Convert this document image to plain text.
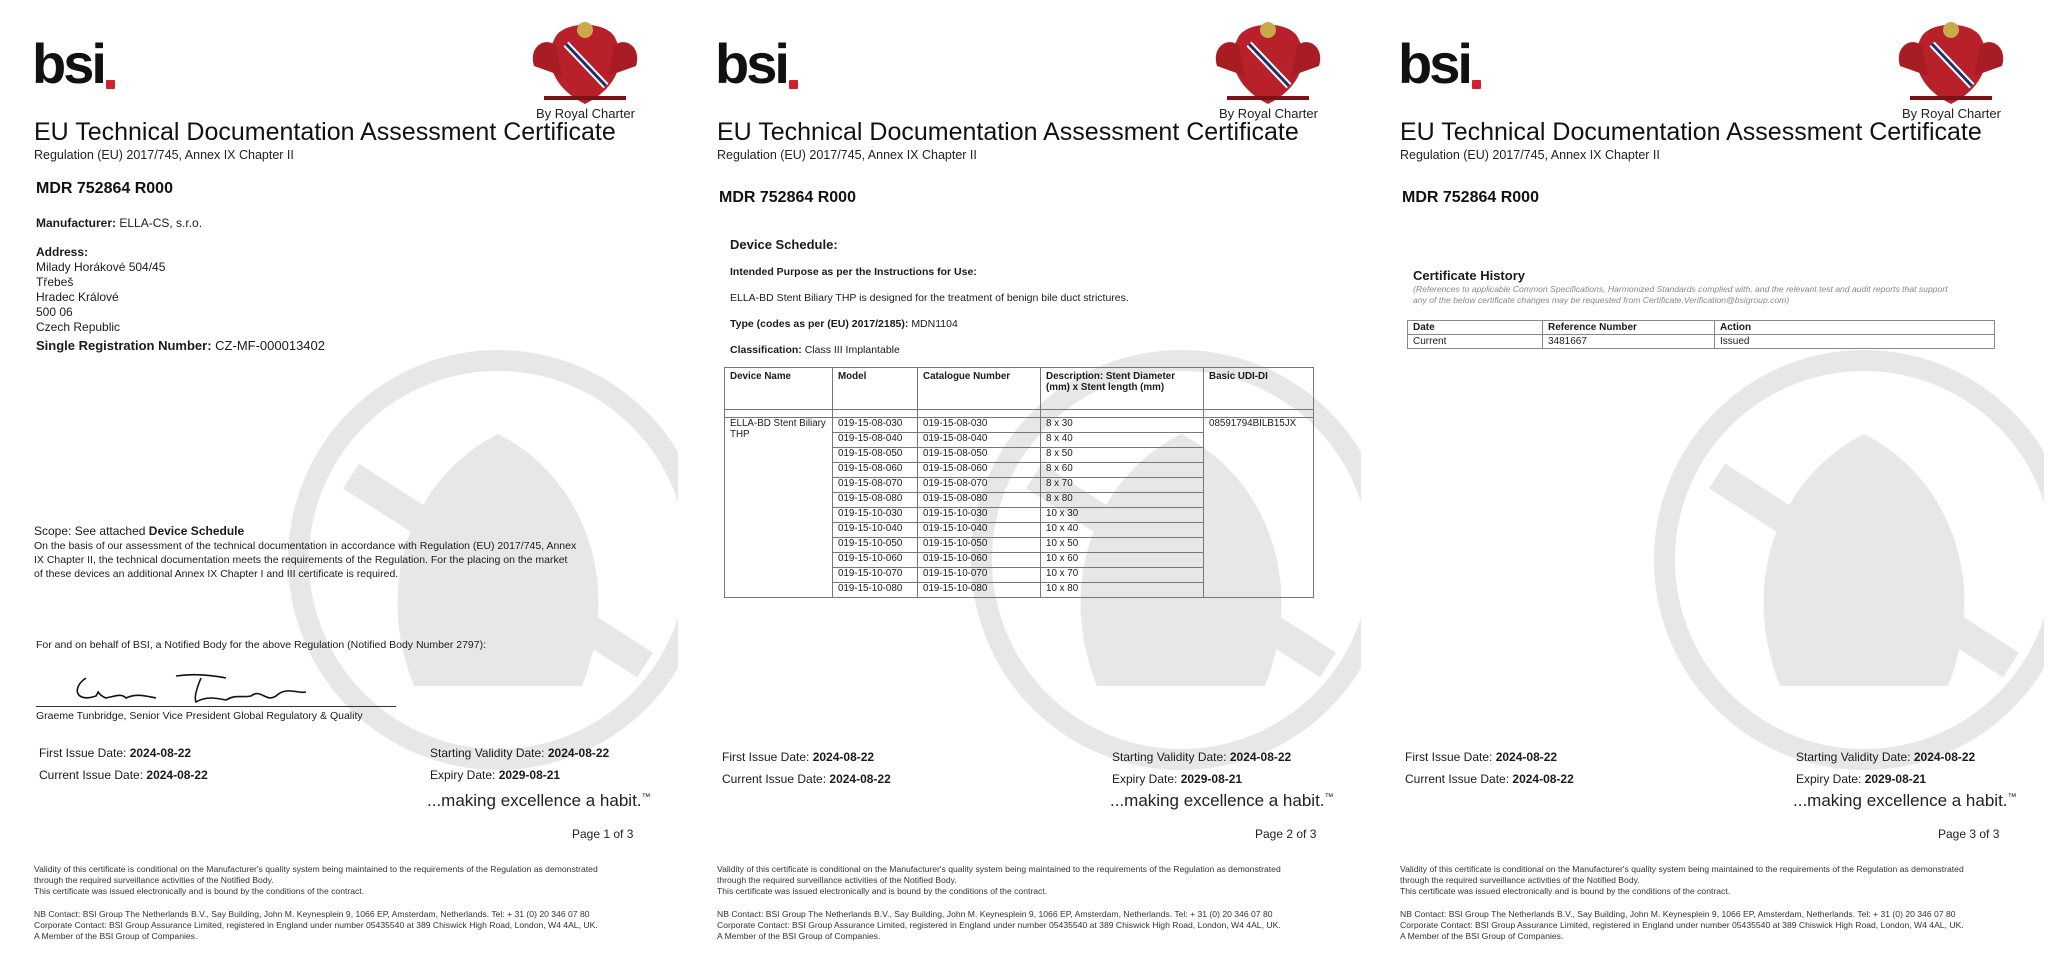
bsi
By Royal Charter
EU Technical Documentation Assessment Certificate
Regulation (EU) 2017/745, Annex IX Chapter II
MDR 752864 R000
Manufacturer: ELLA-CS, s.r.o.
Address:
Milady Horákové 504/45
Třebeš
Hradec Králové
500 06
Czech Republic
Single Registration Number: CZ-MF-000013402
Scope: See attached Device Schedule
On the basis of our assessment of the technical documentation in accordance with Regulation (EU) 2017/745, Annex
IX Chapter II, the technical documentation meets the requirements of the Regulation. For the placing on the market
of these devices an additional Annex IX Chapter I and III certificate is required.
For and on behalf of BSI, a Notified Body for the above Regulation (Notified Body Number 2797):
Graeme Tunbridge, Senior Vice President Global Regulatory & Quality
First Issue Date: 2024-08-22
Current Issue Date: 2024-08-22
Starting Validity Date: 2024-08-22
Expiry Date: 2029-08-21
...making excellence a habit.™
Page 1 of 3
Validity of this certificate is conditional on the Manufacturer's quality system being maintained to the requirements of the Regulation as demonstrated
through the required surveillance activities of the Notified Body.
This certificate was issued electronically and is bound by the conditions of the contract.
NB Contact: BSI Group The Netherlands B.V., Say Building, John M. Keynesplein 9, 1066 EP, Amsterdam, Netherlands. Tel: + 31 (0) 20 346 07 80
Corporate Contact: BSI Group Assurance Limited, registered in England under number 05435540 at 389 Chiswick High Road, London, W4 4AL, UK.
A Member of the BSI Group of Companies.
bsi
By Royal Charter
EU Technical Documentation Assessment Certificate
Regulation (EU) 2017/745, Annex IX Chapter II
MDR 752864 R000
Device Schedule:
Intended Purpose as per the Instructions for Use:
ELLA-BD Stent Biliary THP is designed for the treatment of benign bile duct strictures.
Type (codes as per (EU) 2017/2185): MDN1104
Classification: Class III Implantable
Device Name	Model	Catalogue Number	Description: Stent Diameter (mm) x Stent length (mm)	Basic UDI-DI

ELLA-BD Stent Biliary THP	019-15-08-030	019-15-08-030	8 x 30	08591794BILB15JX
	019-15-08-040	019-15-08-040	8 x 40	
	019-15-08-050	019-15-08-050	8 x 50	
	019-15-08-060	019-15-08-060	8 x 60	
	019-15-08-070	019-15-08-070	8 x 70	
	019-15-08-080	019-15-08-080	8 x 80	
	019-15-10-030	019-15-10-030	10 x 30	
	019-15-10-040	019-15-10-040	10 x 40	
	019-15-10-050	019-15-10-050	10 x 50	
	019-15-10-060	019-15-10-060	10 x 60	
	019-15-10-070	019-15-10-070	10 x 70	
	019-15-10-080	019-15-10-080	10 x 80	
First Issue Date: 2024-08-22
Current Issue Date: 2024-08-22
Starting Validity Date: 2024-08-22
Expiry Date: 2029-08-21
...making excellence a habit.™
Page 2 of 3
Validity of this certificate is conditional on the Manufacturer's quality system being maintained to the requirements of the Regulation as demonstrated
through the required surveillance activities of the Notified Body.
This certificate was issued electronically and is bound by the conditions of the contract.
NB Contact: BSI Group The Netherlands B.V., Say Building, John M. Keynesplein 9, 1066 EP, Amsterdam, Netherlands. Tel: + 31 (0) 20 346 07 80
Corporate Contact: BSI Group Assurance Limited, registered in England under number 05435540 at 389 Chiswick High Road, London, W4 4AL, UK.
A Member of the BSI Group of Companies.
bsi
By Royal Charter
EU Technical Documentation Assessment Certificate
Regulation (EU) 2017/745, Annex IX Chapter II
MDR 752864 R000
Certificate History
(References to applicable Common Specifications, Harmonized Standards complied with, and the relevant test and audit reports that support
any of the below certificate changes may be requested from Certificate.Verification@bsigroup.com)
Date	Reference Number	Action
Current	3481667	Issued
First Issue Date: 2024-08-22
Current Issue Date: 2024-08-22
Starting Validity Date: 2024-08-22
Expiry Date: 2029-08-21
...making excellence a habit.™
Page 3 of 3
Validity of this certificate is conditional on the Manufacturer's quality system being maintained to the requirements of the Regulation as demonstrated
through the required surveillance activities of the Notified Body.
This certificate was issued electronically and is bound by the conditions of the contract.
NB Contact: BSI Group The Netherlands B.V., Say Building, John M. Keynesplein 9, 1066 EP, Amsterdam, Netherlands. Tel: + 31 (0) 20 346 07 80
Corporate Contact: BSI Group Assurance Limited, registered in England under number 05435540 at 389 Chiswick High Road, London, W4 4AL, UK.
A Member of the BSI Group of Companies.
